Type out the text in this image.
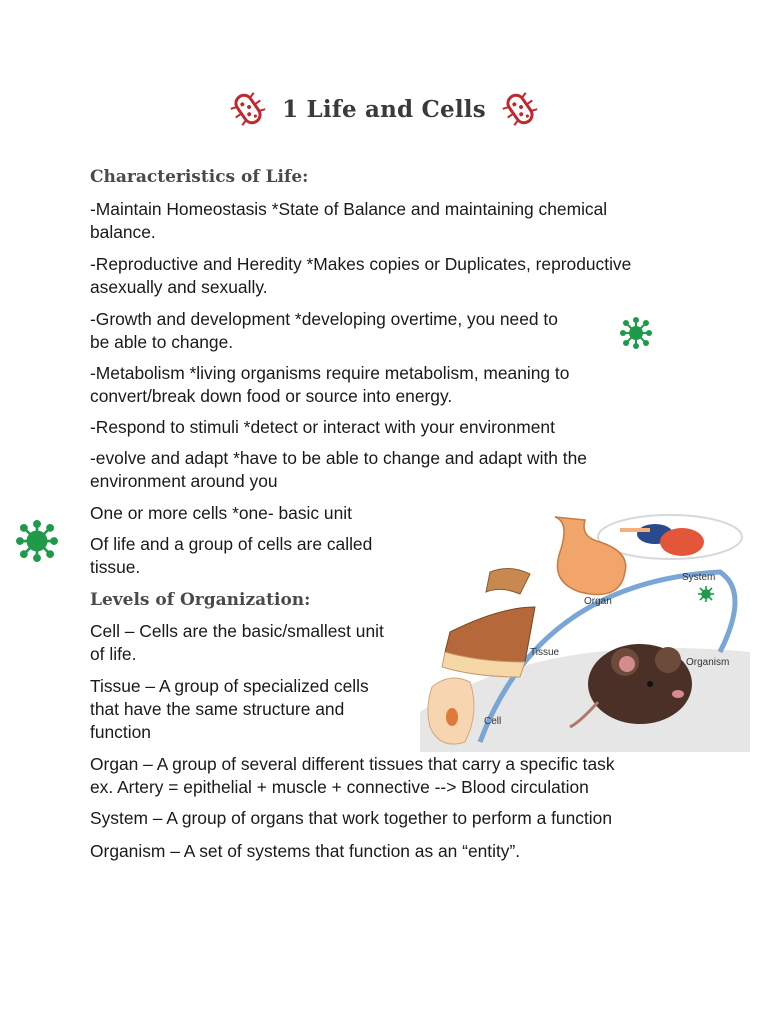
1 Life and Cells
Characteristics of Life:
-Maintain Homeostasis *State of Balance and maintaining chemical
balance.
-Reproductive and Heredity *Makes copies or Duplicates, reproductive
asexually and sexually.
-Growth and development *developing overtime, you need to
be able to change.
-Metabolism *living organisms require metabolism, meaning to
convert/break down food or source into energy.
-Respond to stimuli *detect or interact with your environment
-evolve and adapt *have to be able to change and adapt with the
environment around you
One or more cells *one- basic unit
Of life and a group of cells are called
tissue.
Levels of Organization:
Cell – Cells are the basic/smallest unit
of life.
Tissue – A group of specialized cells
that have the same structure and
function
Organ – A group of several different tissues that carry a specific task
ex. Artery = epithelial + muscle + connective --> Blood circulation
System – A group of organs that work together to perform a function
Organism – A set of systems that function as an “entity”.
System
Organ
Tissue
Organism
Cell
